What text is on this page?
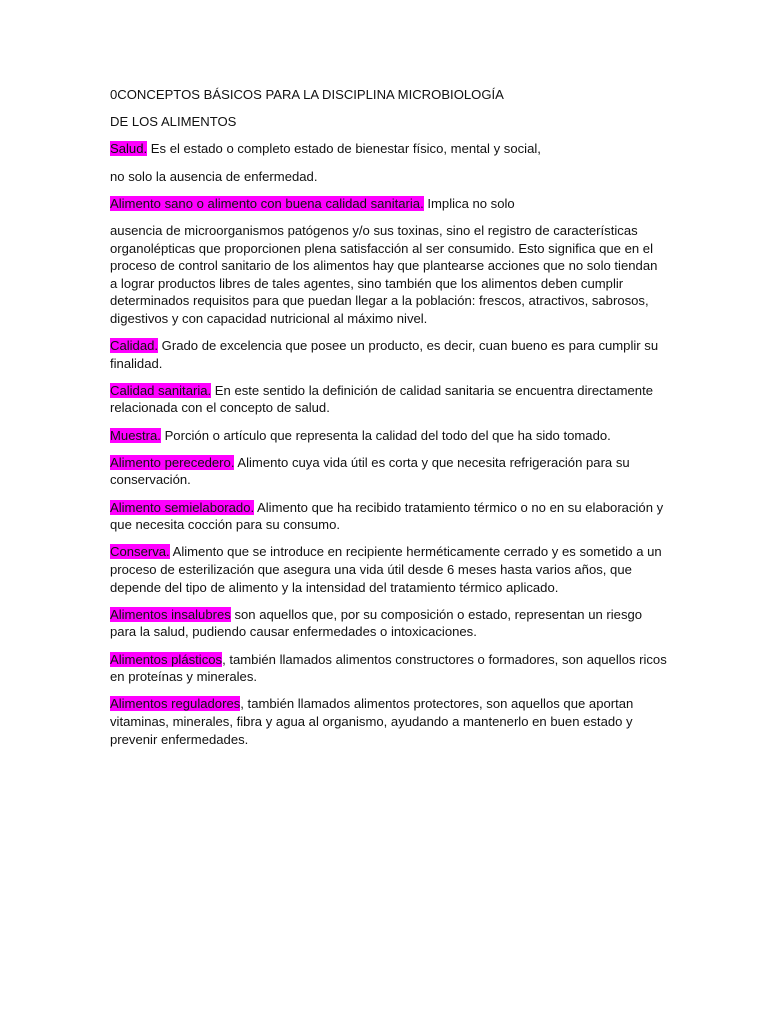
0CONCEPTOS BÁSICOS PARA LA DISCIPLINA MICROBIOLOGÍA

DE LOS ALIMENTOS

Salud. Es el estado o completo estado de bienestar físico, mental y social,

no solo la ausencia de enfermedad.

Alimento sano o alimento con buena calidad sanitaria. Implica no solo

ausencia de microorganismos patógenos y/o sus toxinas, sino el registro de características organolépticas que proporcionen plena satisfacción al ser consumido. Esto significa que en el proceso de control sanitario de los alimentos hay que plantearse acciones que no solo tiendan a lograr productos libres de tales agentes, sino también que los alimentos deben cumplir determinados requisitos para que puedan llegar a la población: frescos, atractivos, sabrosos, digestivos y con capacidad nutricional al máximo nivel.

Calidad. Grado de excelencia que posee un producto, es decir, cuan bueno es para cumplir su finalidad.

Calidad sanitaria. En este sentido la definición de calidad sanitaria se encuentra directamente relacionada con el concepto de salud.

Muestra. Porción o artículo que representa la calidad del todo del que ha sido tomado.

Alimento perecedero. Alimento cuya vida útil es corta y que necesita refrigeración para su conservación.

Alimento semielaborado. Alimento que ha recibido tratamiento térmico o no en su elaboración y que necesita cocción para su consumo.

Conserva. Alimento que se introduce en recipiente herméticamente cerrado y es sometido a un proceso de esterilización que asegura una vida útil desde 6 meses hasta varios años, que depende del tipo de alimento y la intensidad del tratamiento térmico aplicado.

Alimentos insalubres son aquellos que, por su composición o estado, representan un riesgo para la salud, pudiendo causar enfermedades o intoxicaciones.

Alimentos plásticos, también llamados alimentos constructores o formadores, son aquellos ricos en proteínas y minerales.

Alimentos reguladores, también llamados alimentos protectores, son aquellos que aportan vitaminas, minerales, fibra y agua al organismo, ayudando a mantenerlo en buen estado y prevenir enfermedades.
